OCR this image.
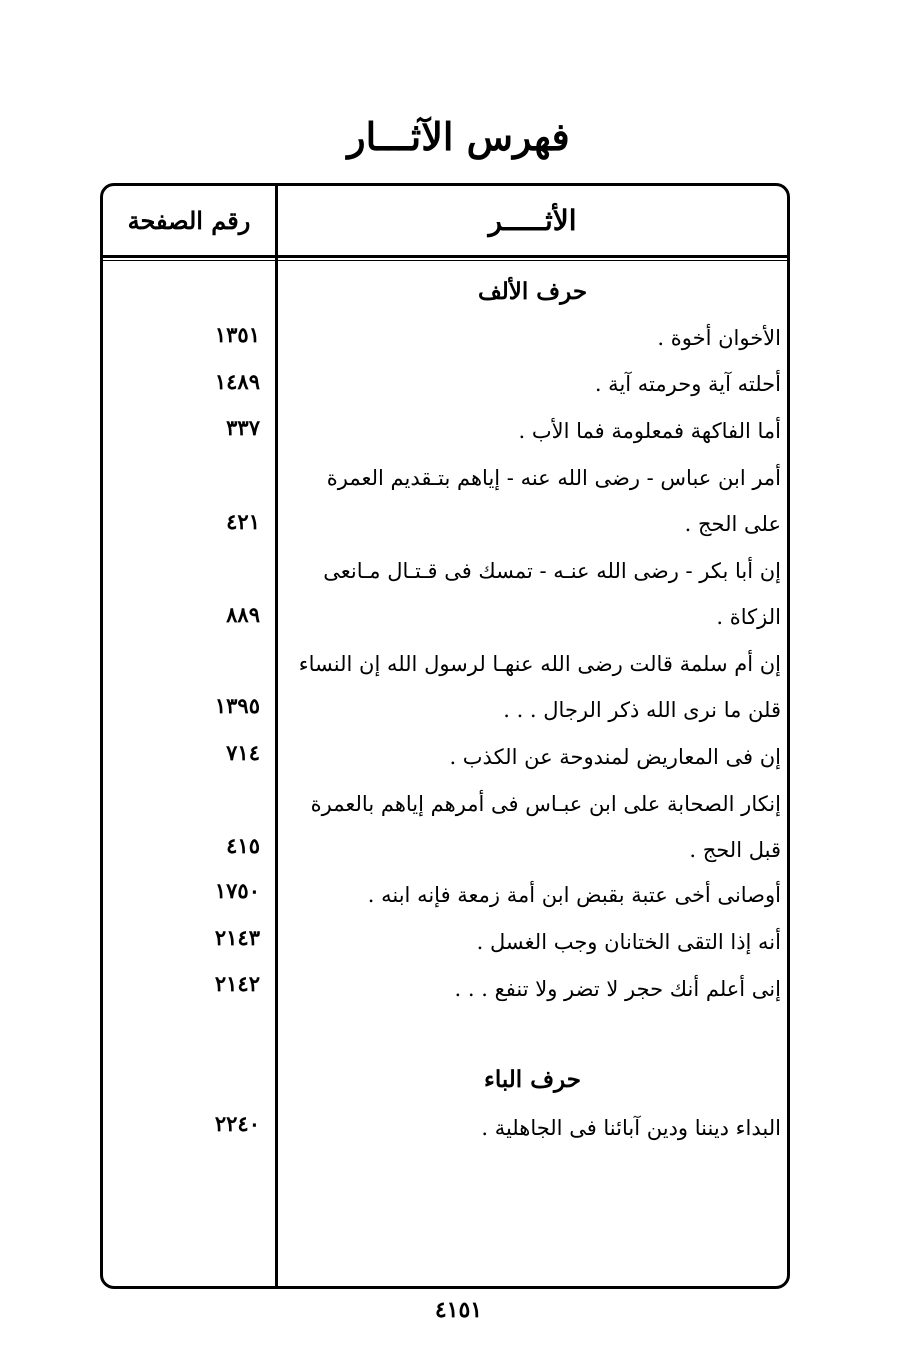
فهرس الآثـــار
رقم الصفحة	الأثـــــر
حرف الألف
الأخوان أخوة .
١٣٥١
أحلته آية وحرمته آية .
١٤٨٩
أما الفاكهة فمعلومة فما الأب .
٣٣٧
أمر ابن عباس - رضى الله عنه - إياهم بتـقديم العمرة
على الحج .
٤٢١
إن أبا بكر - رضى الله عنـه - تمسك فى قـتـال مـانعى
الزكاة .
٨٨٩
إن أم سلمة قالت رضى الله عنهـا لرسول الله إن النساء
قلن ما نرى الله ذكر الرجال . . .
١٣٩٥
إن فى المعاريض لمندوحة عن الكذب .
٧١٤
إنكار الصحابة على ابن عبـاس فى أمرهم إياهم بالعمرة
قبل الحج .
٤١٥
أوصانى أخى عتبة بقبض ابن أمة زمعة فإنه ابنه .
١٧٥٠
أنه إذا التقى الختانان وجب الغسل .
٢١٤٣
إنى أعلم أنك حجر لا تضر ولا تنفع . . .
٢١٤٢
حرف الباء
البداء ديننا ودين آبائنا فى الجاهلية .
٢٢٤٠
٤١٥١
